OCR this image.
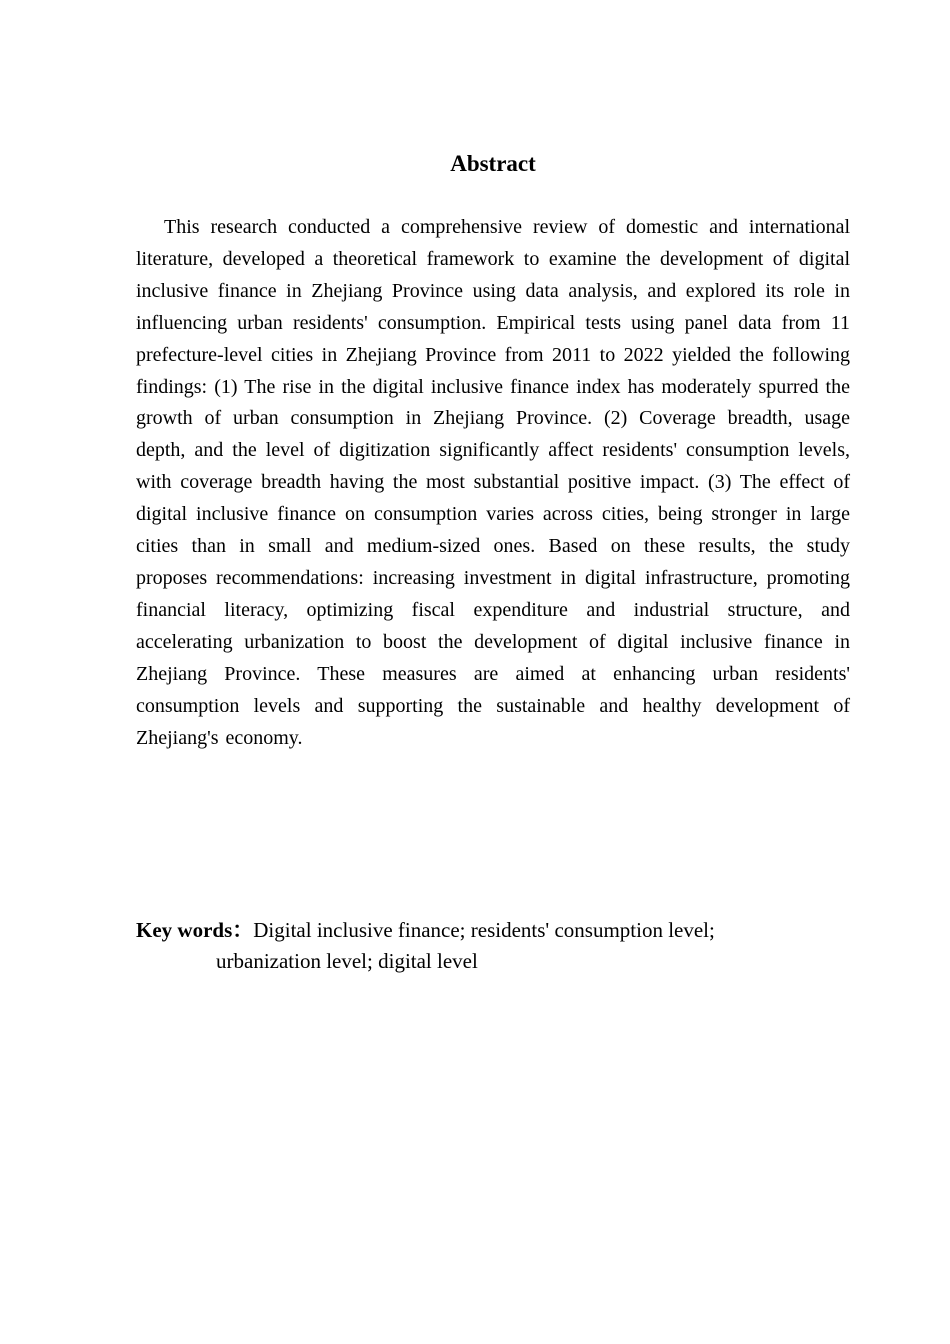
Abstract

This research conducted a comprehensive review of domestic and international literature, developed a theoretical framework to examine the development of digital inclusive finance in Zhejiang Province using data analysis, and explored its role in influencing urban residents' consumption. Empirical tests using panel data from 11 prefecture-level cities in Zhejiang Province from 2011 to 2022 yielded the following findings: (1) The rise in the digital inclusive finance index has moderately spurred the growth of urban consumption in Zhejiang Province. (2) Coverage breadth, usage depth, and the level of digitization significantly affect residents' consumption levels, with coverage breadth having the most substantial positive impact. (3) The effect of digital inclusive finance on consumption varies across cities, being stronger in large cities than in small and medium-sized ones. Based on these results, the study proposes recommendations: increasing investment in digital infrastructure, promoting financial literacy, optimizing fiscal expenditure and industrial structure, and accelerating urbanization to boost the development of digital inclusive finance in Zhejiang Province. These measures are aimed at enhancing urban residents' consumption levels and supporting the sustainable and healthy development of Zhejiang's economy.

Key words：Digital inclusive finance; residents' consumption level;
urbanization level; digital level
